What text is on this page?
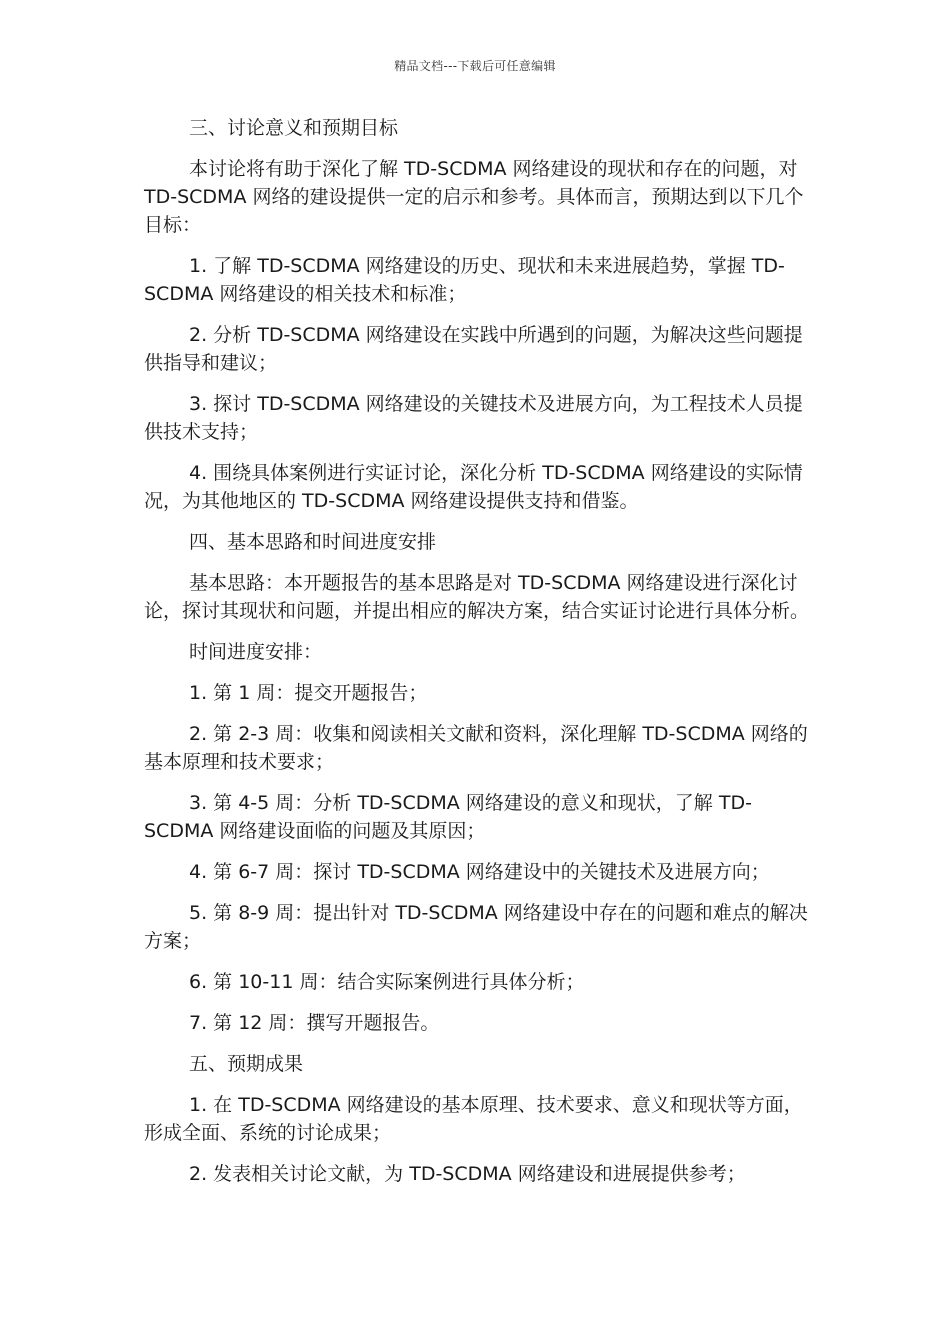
精品文档---下载后可任意编辑

三、讨论意义和预期目标

本讨论将有助于深化了解 TD-SCDMA 网络建设的现状和存在的问题，对 TD-SCDMA 网络的建设提供一定的启示和参考。具体而言，预期达到以下几个目标：

1. 了解 TD-SCDMA 网络建设的历史、现状和未来进展趋势，掌握 TD-SCDMA 网络建设的相关技术和标准；

2. 分析 TD-SCDMA 网络建设在实践中所遇到的问题，为解决这些问题提供指导和建议；

3. 探讨 TD-SCDMA 网络建设的关键技术及进展方向，为工程技术人员提供技术支持；

4. 围绕具体案例进行实证讨论，深化分析 TD-SCDMA 网络建设的实际情况，为其他地区的 TD-SCDMA 网络建设提供支持和借鉴。

四、基本思路和时间进度安排

基本思路：本开题报告的基本思路是对 TD-SCDMA 网络建设进行深化讨论，探讨其现状和问题，并提出相应的解决方案，结合实证讨论进行具体分析。

时间进度安排：

1. 第 1 周：提交开题报告；

2. 第 2-3 周：收集和阅读相关文献和资料，深化理解 TD-SCDMA 网络的基本原理和技术要求；

3. 第 4-5 周：分析 TD-SCDMA 网络建设的意义和现状，了解 TD-SCDMA 网络建设面临的问题及其原因；

4. 第 6-7 周：探讨 TD-SCDMA 网络建设中的关键技术及进展方向；

5. 第 8-9 周：提出针对 TD-SCDMA 网络建设中存在的问题和难点的解决方案；

6. 第 10-11 周：结合实际案例进行具体分析；

7. 第 12 周：撰写开题报告。

五、预期成果

1. 在 TD-SCDMA 网络建设的基本原理、技术要求、意义和现状等方面，形成全面、系统的讨论成果；

2. 发表相关讨论文献，为 TD-SCDMA 网络建设和进展提供参考；
